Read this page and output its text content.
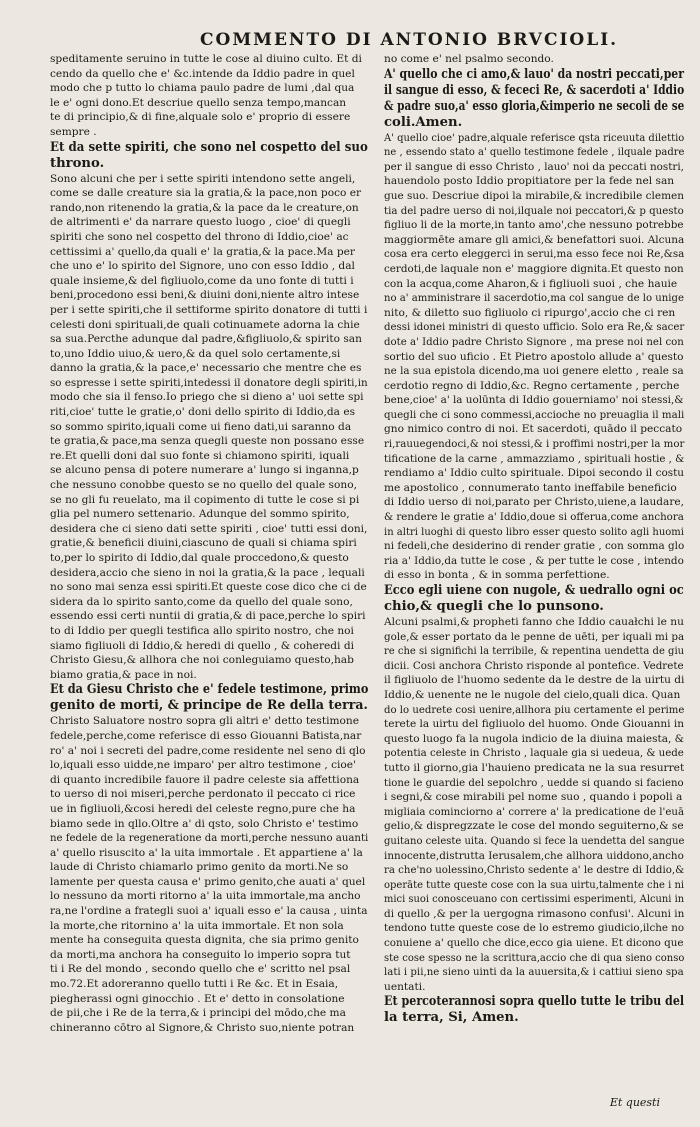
COMMENTO DI ANTONIO BRVCIOLI.

speditamente seruino in tutte le cose al diuino culto. Et di
cendo da quello che e' &c.intende da Iddio padre in quel
modo che p tutto lo chiama paulo padre de lumi ,dal qua
le e' ogni dono.Et descriue quello senza tempo,mancan
te di principio,& di fine,alquale solo e' proprio di essere
sempre .

Et da sette spiriti, che sono nel cospetto del suo
throno.

Sono alcuni che per i sette spiriti intendono sette angeli,
come se dalle creature sia la gratia,& la pace,non poco er
rando,non ritenendo la gratia,& la pace da le creature,on
de altrimenti e' da narrare questo luogo , cioe' di quegli
spiriti che sono nel cospetto del throno di Iddio,cioe' ac
cettissimi a' quello,da quali e' la gratia,& la pace.Ma per
che uno e' lo spirito del Signore, uno con esso Iddio , dal
quale insieme,& del figliuolo,come da uno fonte di tutti i
beni,procedono essi beni,& diuini doni,niente altro intese
per i sette spiriti,che il settiforme spirito donatore di tutti i
celesti doni spirituali,de quali cotinuamete adorna la chie
sa sua.Percthe adunque dal padre,&figliuolo,& spirito san
to,uno Iddio uiuo,& uero,& da quel solo certamente,si
danno la gratia,& la pace,e' necessario che mentre che es
so espresse i sette spiriti,intedessi il donatore degli spiriti,in
modo che sia il fenso.Io priego che si dieno a' uoi sette spi
riti,cioe' tutte le gratie,o' doni dello spirito di Iddio,da es
so sommo spirito,iquali come ui fieno dati,ui saranno da
te gratia,& pace,ma senza quegli queste non possano esse
re.Et quelli doni dal suo fonte si chiamono spiriti, iquali
se alcuno pensa di potere numerare a' lungo si inganna,p
che nessuno conobbe questo se no quello del quale sono,
se no gli fu reuelato, ma il copimento di tutte le cose si pi
glia pel numero settenario. Adunque del sommo spirito,
desidera che ci sieno dati sette spiriti , cioe' tutti essi doni,
gratie,& beneficii diuini,ciascuno de quali si chiama spiri
to,per lo spirito di Iddio,dal quale proccedono,& questo
desidera,accio che sieno in noi la gratia,& la pace , lequali
no sono mai senza essi spiriti.Et queste cose dico che ci de
sidera da lo spirito santo,come da quello del quale sono,
essendo essi certi nuntii di gratia,& di pace,perche lo spiri
to di Iddio per quegli testifica allo spirito nostro, che noi
siamo figliuoli di Iddio,& heredi di quello , & coheredi di
Christo Giesu,& allhora che noi conleguiamo questo,hab
biamo gratia,& pace in noi.

Et da Giesu Christo che e' fedele testimone, primo
genito de morti, & principe de Re della terra.

Christo Saluatore nostro sopra gli altri e' detto testimone
fedele,perche,come referisce di esso Giouanni Batista,nar
ro' a' noi i secreti del padre,come residente nel seno di qlo
lo,iquali esso uidde,ne imparo' per altro testimone , cioe'
di quanto incredibile fauore il padre celeste sia affettiona
to uerso di noi miseri,perche perdonato il peccato ci rice
ue in figliuoli,&cosi heredi del celeste regno,pure che ha
biamo sede in qllo.Oltre a' di qsto, solo Christo e' testimo
ne fedele de la regeneratione da morti,perche nessuno auanti
a' quello risuscito a' la uita immortale . Et appartiene a' la
laude di Christo chiamarlo primo genito da morti.Ne so
lamente per questa causa e' primo genito,che auati a' quel
lo nessuno da morti ritorno a' la uita immortale,ma ancho
ra,ne l'ordine a frategli suoi a' iquali esso e' la causa , uinta
la morte,che ritornino a' la uita immortale. Et non sola
mente ha conseguita questa dignita, che sia primo genito
da morti,ma anchora ha conseguito lo imperio sopra tut
ti i Re del mondo , secondo quello che e' scritto nel psal
mo.72.Et adoreranno quello tutti i Re &c. Et in Esaia,
piegherassi ogni ginocchio . Et e' detto in consolatione
de pii,che i Re de la terra,& i principi del mōdo,che ma
chineranno cōtro al Signore,& Christo suo,niente potran

no come e' nel psalmo secondo.

A' quello che ci amo,& lauo' da nostri peccati,per
il sangue di esso, & fececi Re, & sacerdoti a' Iddio
& padre suo,a' esso gloria,&imperio ne secoli de se
coli.Amen.

A' quello cioe' padre,alquale referisce qsta riceuuta dilettio
ne , essendo stato a' quello testimone fedele , ilquale padre
per il sangue di esso Christo , lauo' noi da peccati nostri,
hauendolo posto Iddio propitiatore per la fede nel san
gue suo. Descriue dipoi la mirabile,& incredibile clemen
tia del padre uerso di noi,ilquale noi peccatori,& p questo
figliuo li de la morte,in tanto amo',che nessuno potrebbe
maggiormēte amare gli amici,& benefattori suoi. Alcuna
cosa era certo eleggerci in serui,ma esso fece noi Re,&sa
cerdoti,de laquale non e' maggiore dignita.Et questo non
con la acqua,come Aharon,& i figliuoli suoi , che hauie
no a' amministrare il sacerdotio,ma col sangue de lo unige
nito, & diletto suo figliuolo ci ripurgo',accio che ci ren
dessi idonei ministri di questo ufficio. Solo era Re,& sacer
dote a' Iddio padre Christo Signore , ma prese noi nel con
sortio del suo uficio . Et Pietro apostolo allude a' questo
ne la sua epistola dicendo,ma uoi genere eletto , reale sa
cerdotio regno di Iddio,&c. Regno certamente , perche
bene,cioe' a' la uolūnta di Iddio gouerniamo' noi stessi,&
quegli che ci sono commessi,accioche no preuaglia il mali
gno nimico contro di noi. Et sacerdoti, quādo il peccato
ri,rauuegendoci,& noi stessi,& i proffimi nostri,per la mor
tificatione de la carne , ammazziamo , spirituali hostie , &
rendiamo a' Iddio culto spirituale. Dipoi secondo il costu
me apostolico , connumerato tanto ineffabile beneficio
di Iddio uerso di noi,parato per Christo,uiene,a laudare,
& rendere le gratie a' Iddio,doue si offerua,come anchora
in altri luoghi di questo libro esser questo solito agli huomi
ni fedeli,che desiderino di render gratie , con somma glo
ria a' Iddio,da tutte le cose , & per tutte le cose , intendo
di esso in bonta , & in somma perfettione.

Ecco egli uiene con nugole, & uedrallo ogni oc
chio,& quegli che lo punsono.

Alcuni psalmi,& propheti fanno che Iddio cauałchi le nu
gole,& esser portato da le penne de uēti, per iquali mi pa
re che si significhi la terribile, & repentina uendetta de giu
dicii. Cosi anchora Christo risponde al pontefice. Vedrete
il figliuolo de l'huomo sedente da le destre de la uirtu di
Iddio,& uenente ne le nugole del cielo,quali dica. Quan
do lo uedrete cosi uenire,allhora piu certamente el perime
terete la uirtu del figliuolo del huomo. Onde Giouanni in
questo luogo fa la nugola indicio de la diuina maiesta, &
potentia celeste in Christo , laquale gia si uedeua, & uede
tutto il giorno,gia l'hauieno predicata ne la sua resurret
tione le guardie del sepolchro , uedde si quando si facieno
i segni,& cose mirabili pel nome suo , quando i popoli a
migliaia cominciorno a' correre a' la predicatione de l'euā
gelio,& dispregzzate le cose del mondo seguiterno,& se
guitano celeste uita. Quando si fece la uendetta del sangue
innocente,distrutta Ierusalem,che allhora uiddono,ancho
ra che'no uolessino,Christo sedente a' le destre di Iddio,&
operāte tutte queste cose con la sua uirtu,talmente che i ni
mici suoi conosceuano con certissimi esperimenti, Alcuni in
di quello ,& per la uergogna rimasono confusi'. Alcuni in
tendono tutte queste cose de lo estremo giudicio,ilche no
conuiene a' quello che dice,ecco gia uiene. Et dicono que
ste cose spesso ne la scrittura,accio che di qua sieno conso
lati i pii,ne sieno uinti da la auuersita,& i cattiui sieno spa
uentati.

Et percoterannosi sopra quello tutte le tribu del
la terra, Si, Amen.

Et questi
